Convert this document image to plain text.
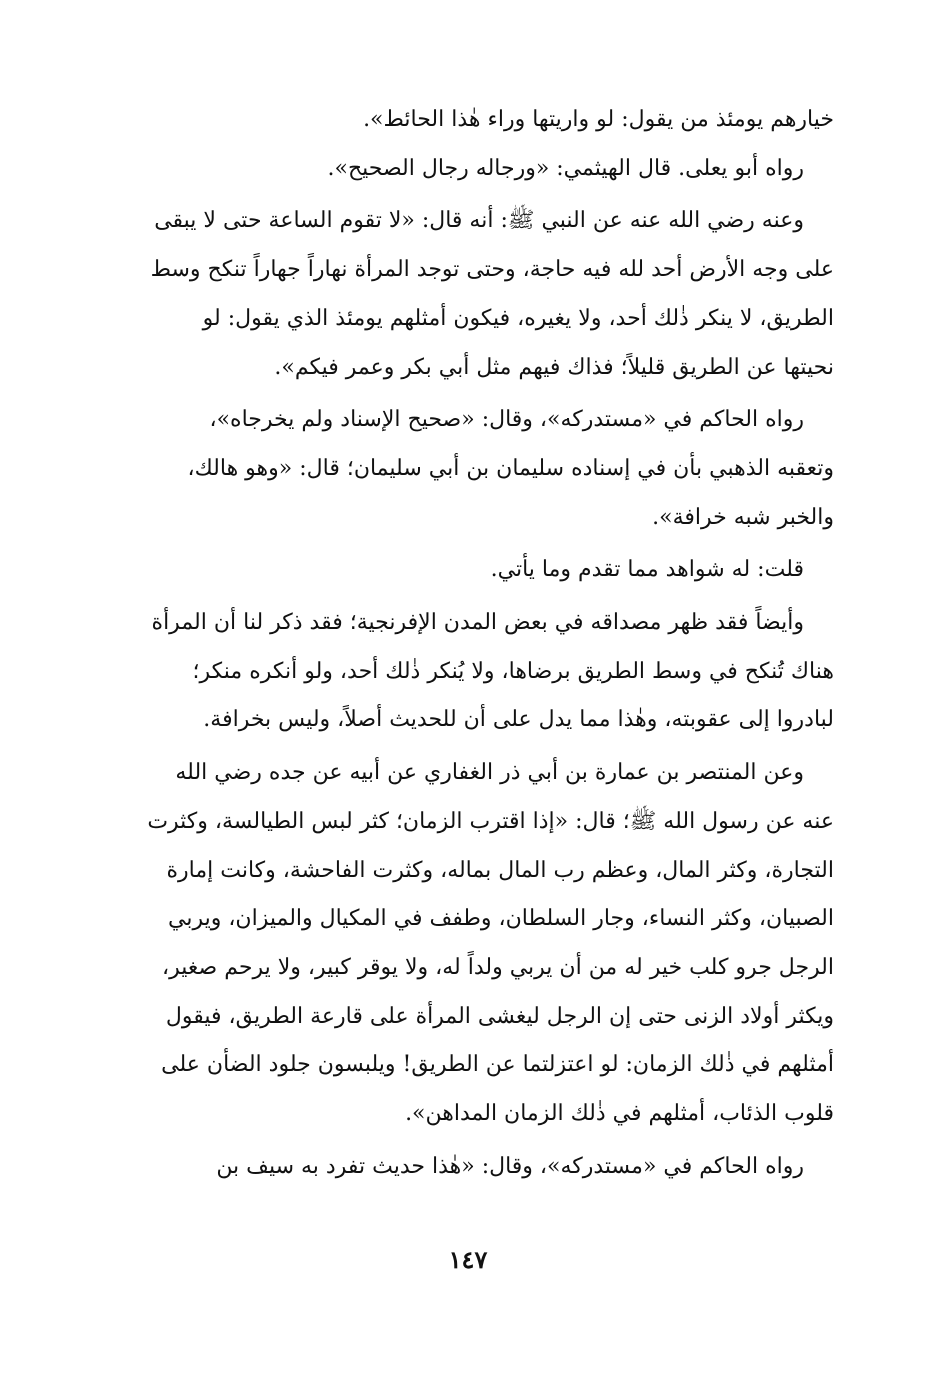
خيارهم يومئذ من يقول: لو واريتها وراء هٰذا الحائط».
رواه أبو يعلى. قال الهيثمي: «ورجاله رجال الصحيح».

وعنه رضي الله عنه عن النبي ﷺ: أنه قال: «لا تقوم الساعة حتى لا يبقى
على وجه الأرض أحد لله فيه حاجة، وحتى توجد المرأة نهاراً جهاراً تنكح وسط
الطريق، لا ينكر ذٰلك أحد، ولا يغيره، فيكون أمثلهم يومئذ الذي يقول: لو
نحيتها عن الطريق قليلاً؛ فذاك فيهم مثل أبي بكر وعمر فيكم».

رواه الحاكم في «مستدركه»، وقال: «صحيح الإسناد ولم يخرجاه»،
وتعقبه الذهبي بأن في إسناده سليمان بن أبي سليمان؛ قال: «وهو هالك،
والخبر شبه خرافة».

قلت: له شواهد مما تقدم وما يأتي.

وأيضاً فقد ظهر مصداقه في بعض المدن الإفرنجية؛ فقد ذكر لنا أن المرأة
هناك تُنكح في وسط الطريق برضاها، ولا يُنكر ذٰلك أحد، ولو أنكره منكر؛
لبادروا إلى عقوبته، وهٰذا مما يدل على أن للحديث أصلاً، وليس بخرافة.

وعن المنتصر بن عمارة بن أبي ذر الغفاري عن أبيه عن جده رضي الله
عنه عن رسول الله ﷺ؛ قال: «إذا اقترب الزمان؛ كثر لبس الطيالسة، وكثرت
التجارة، وكثر المال، وعظم رب المال بماله، وكثرت الفاحشة، وكانت إمارة
الصبيان، وكثر النساء، وجار السلطان، وطفف في المكيال والميزان، ويربي
الرجل جرو كلب خير له من أن يربي ولداً له، ولا يوقر كبير، ولا يرحم صغير،
ويكثر أولاد الزنى حتى إن الرجل ليغشى المرأة على قارعة الطريق، فيقول
أمثلهم في ذٰلك الزمان: لو اعتزلتما عن الطريق! ويلبسون جلود الضأن على
قلوب الذئاب، أمثلهم في ذٰلك الزمان المداهن».

رواه الحاكم في «مستدركه»، وقال: «هٰذا حديث تفرد به سيف بن

١٤٧
